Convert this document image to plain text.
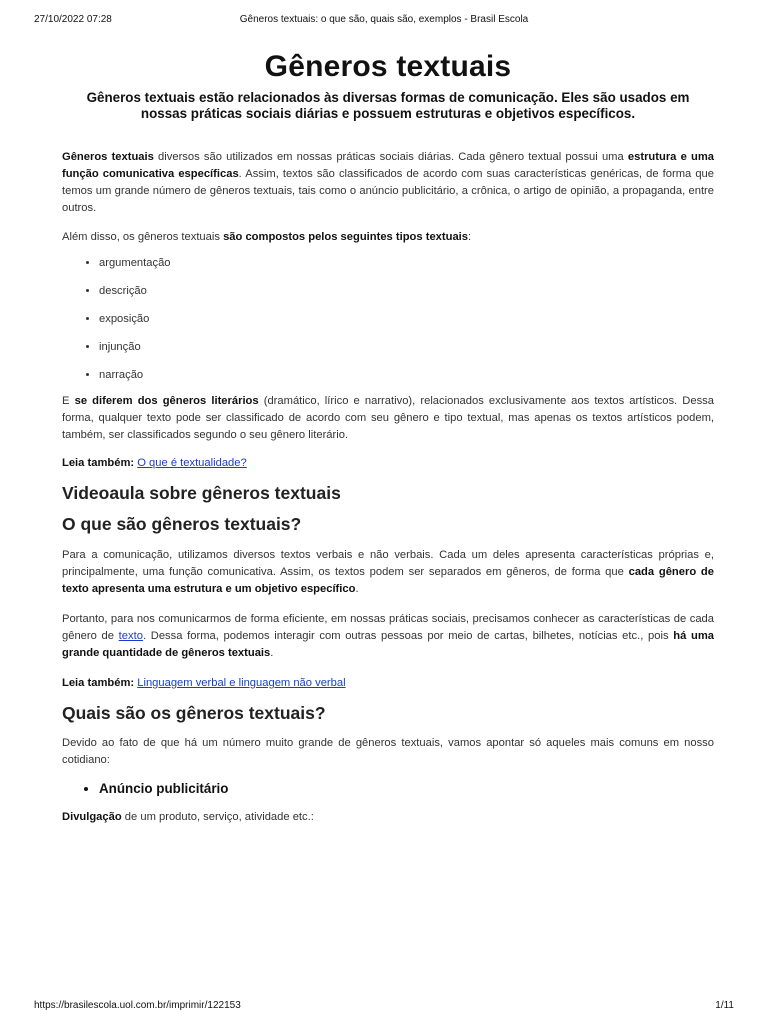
27/10/2022 07:28	Gêneros textuais: o que são, quais são, exemplos - Brasil Escola
Gêneros textuais
Gêneros textuais estão relacionados às diversas formas de comunicação. Eles são usados em nossas práticas sociais diárias e possuem estruturas e objetivos específicos.

Gêneros textuais diversos são utilizados em nossas práticas sociais diárias. Cada gênero textual possui uma estrutura e uma função comunicativa específicas. Assim, textos são classificados de acordo com suas características genéricas, de forma que temos um grande número de gêneros textuais, tais como o anúncio publicitário, a crônica, o artigo de opinião, a propaganda, entre outros.

Além disso, os gêneros textuais são compostos pelos seguintes tipos textuais:

• argumentação
• descrição
• exposição
• injunção
• narração

E se diferem dos gêneros literários (dramático, lírico e narrativo), relacionados exclusivamente aos textos artísticos. Dessa forma, qualquer texto pode ser classificado de acordo com seu gênero e tipo textual, mas apenas os textos artísticos podem, também, ser classificados segundo o seu gênero literário.

Leia também: O que é textualidade?
Videoaula sobre gêneros textuais
O que são gêneros textuais?

Para a comunicação, utilizamos diversos textos verbais e não verbais. Cada um deles apresenta características próprias e, principalmente, uma função comunicativa. Assim, os textos podem ser separados em gêneros, de forma que cada gênero de texto apresenta uma estrutura e um objetivo específico.

Portanto, para nos comunicarmos de forma eficiente, em nossas práticas sociais, precisamos conhecer as características de cada gênero de texto. Dessa forma, podemos interagir com outras pessoas por meio de cartas, bilhetes, notícias etc., pois há uma grande quantidade de gêneros textuais.

Leia também: Linguagem verbal e linguagem não verbal
Quais são os gêneros textuais?

Devido ao fato de que há um número muito grande de gêneros textuais, vamos apontar só aqueles mais comuns em nosso cotidiano:

• Anúncio publicitário

Divulgação de um produto, serviço, atividade etc.:

https://brasilescola.uol.com.br/imprimir/122153	1/11
